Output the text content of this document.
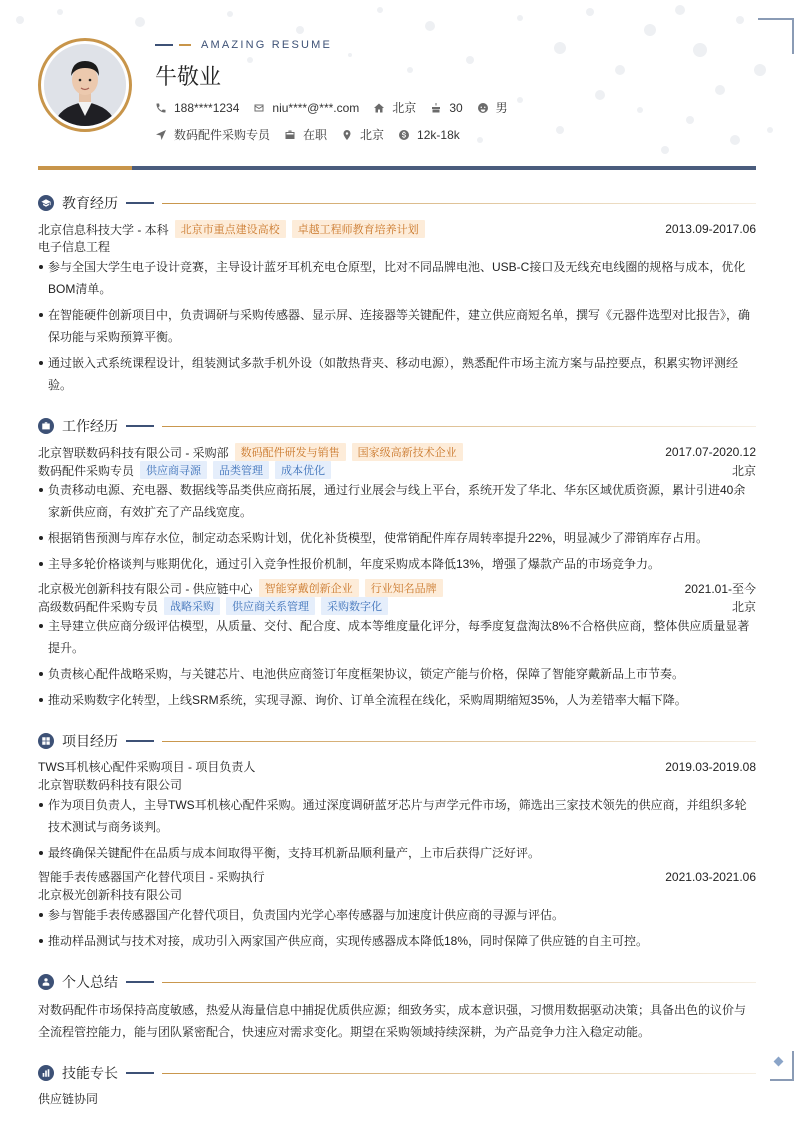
AMAZING RESUME
牛敬业
188****1234	niu****@***.com	北京	30	男
数码配件采购专员	在职	北京	12k-18k
教育经历
北京信息科技大学 - 本科	北京市重点建设高校	卓越工程师教育培养计划	2013.09-2017.06
电子信息工程
参与全国大学生电子设计竞赛，主导设计蓝牙耳机充电仓原型，比对不同品牌电池、USB-C接口及无线充电线圈的规格与成本，优化BOM清单。
在智能硬件创新项目中，负责调研与采购传感器、显示屏、连接器等关键配件，建立供应商短名单，撰写《元器件选型对比报告》，确保功能与采购预算平衡。
通过嵌入式系统课程设计，组装测试多款手机外设（如散热背夹、移动电源），熟悉配件市场主流方案与品控要点，积累实物评测经验。
工作经历
北京智联数码科技有限公司 - 采购部	数码配件研发与销售	国家级高新技术企业	2017.07-2020.12
数码配件采购专员	供应商寻源	品类管理	成本优化	北京
负责移动电源、充电器、数据线等品类供应商拓展，通过行业展会与线上平台，系统开发了华北、华东区域优质资源，累计引进40余家新供应商，有效扩充了产品线宽度。
根据销售预测与库存水位，制定动态采购计划，优化补货模型，使常销配件库存周转率提升22%，明显减少了滞销库存占用。
主导多轮价格谈判与账期优化，通过引入竞争性报价机制，年度采购成本降低13%，增强了爆款产品的市场竞争力。
北京极光创新科技有限公司 - 供应链中心	智能穿戴创新企业	行业知名品牌	2021.01-至今
高级数码配件采购专员	战略采购	供应商关系管理	采购数字化	北京
主导建立供应商分级评估模型，从质量、交付、配合度、成本等维度量化评分，每季度复盘淘汰8%不合格供应商，整体供应质量显著提升。
负责核心配件战略采购，与关键芯片、电池供应商签订年度框架协议，锁定产能与价格，保障了智能穿戴新品上市节奏。
推动采购数字化转型，上线SRM系统，实现寻源、询价、订单全流程在线化，采购周期缩短35%，人为差错率大幅下降。
项目经历
TWS耳机核心配件采购项目 - 项目负责人	2019.03-2019.08
北京智联数码科技有限公司
作为项目负责人，主导TWS耳机核心配件采购。通过深度调研蓝牙芯片与声学元件市场，筛选出三家技术领先的供应商，并组织多轮技术测试与商务谈判。
最终确保关键配件在品质与成本间取得平衡，支持耳机新品顺利量产，上市后获得广泛好评。
智能手表传感器国产化替代项目 - 采购执行	2021.03-2021.06
北京极光创新科技有限公司
参与智能手表传感器国产化替代项目，负责国内光学心率传感器与加速度计供应商的寻源与评估。
推动样品测试与技术对接，成功引入两家国产供应商，实现传感器成本降低18%，同时保障了供应链的自主可控。
个人总结
对数码配件市场保持高度敏感，热爱从海量信息中捕捉优质供应源；细致务实，成本意识强，习惯用数据驱动决策；具备出色的议价与全流程管控能力，能与团队紧密配合，快速应对需求变化。期望在采购领域持续深耕，为产品竞争力注入稳定动能。
技能专长
供应链协同
